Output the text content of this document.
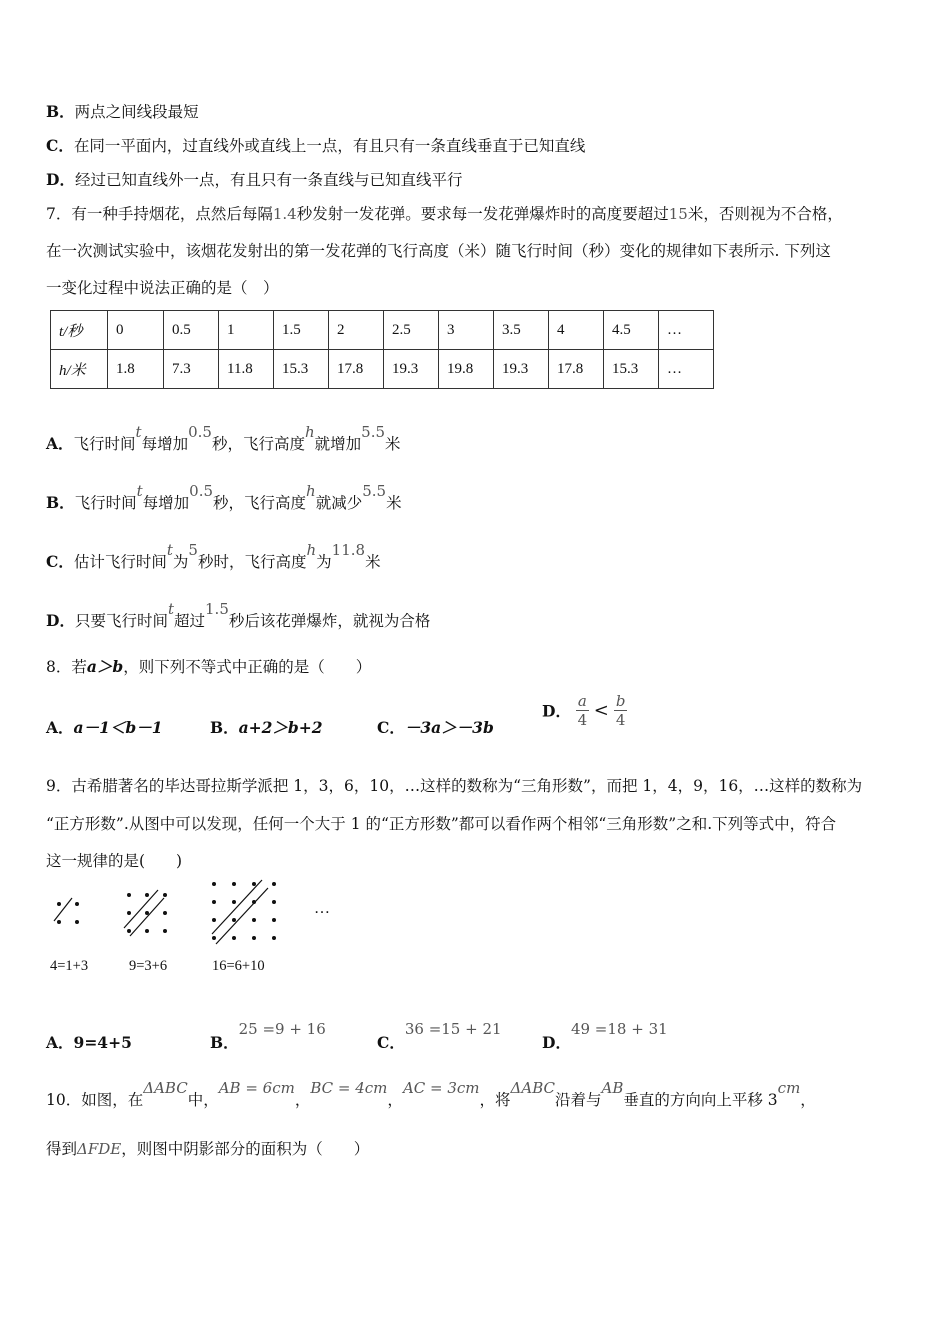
B．两点之间线段最短
C．在同一平面内，过直线外或直线上一点，有且只有一条直线垂直于已知直线
D．经过已知直线外一点，有且只有一条直线与已知直线平行
7．有一种手持烟花，点然后每隔1.4秒发射一发花弹。要求每一发花弹爆炸时的高度要超过15米，否则视为不合格，
在一次测试实验中，该烟花发射出的第一发花弹的飞行高度（米）随飞行时间（秒）变化的规律如下表所示. 下列这
一变化过程中说法正确的是（　）
t/秒	0	0.5	1	1.5	2	2.5	3	3.5	4	4.5	…
h/米	1.8	7.3	11.8	15.3	17.8	19.3	19.8	19.3	17.8	15.3	…
A．飞行时间t每增加0.5秒，飞行高度h就增加5.5米
B．飞行时间t每增加0.5秒，飞行高度h就减少5.5米
C．估计飞行时间t为5秒时，飞行高度h为11.8米
D．只要飞行时间t超过1.5秒后该花弹爆炸，就视为合格
8．若a＞b，则下列不等式中正确的是（　　）
A．a－1＜b－1	B．a+2＞b+2	C．－3a＞－3b
D． $\frac{a}{4} < \frac{b}{4}$
9．古希腊著名的毕达哥拉斯学派把 1，3，6，10，…这样的数称为“三角形数”，而把 1，4，9，16，…这样的数称为
“正方形数”.从图中可以发现，任何一个大于 1 的“正方形数”都可以看作两个相邻“三角形数”之和.下列等式中，符合
这一规律的是(　　)
…
4=1+3	9=3+6	16=6+10
A．9=4+5	B．25 =9 + 16
C．36 =15 + 21
D．49 =18 + 31
10．如图，在ΔABC中，AB = 6cm，BC = 4cm，AC = 3cm，将ΔABC沿着与AB垂直的方向向上平移 3cm，
得到ΔFDE，则图中阴影部分的面积为（　　）
